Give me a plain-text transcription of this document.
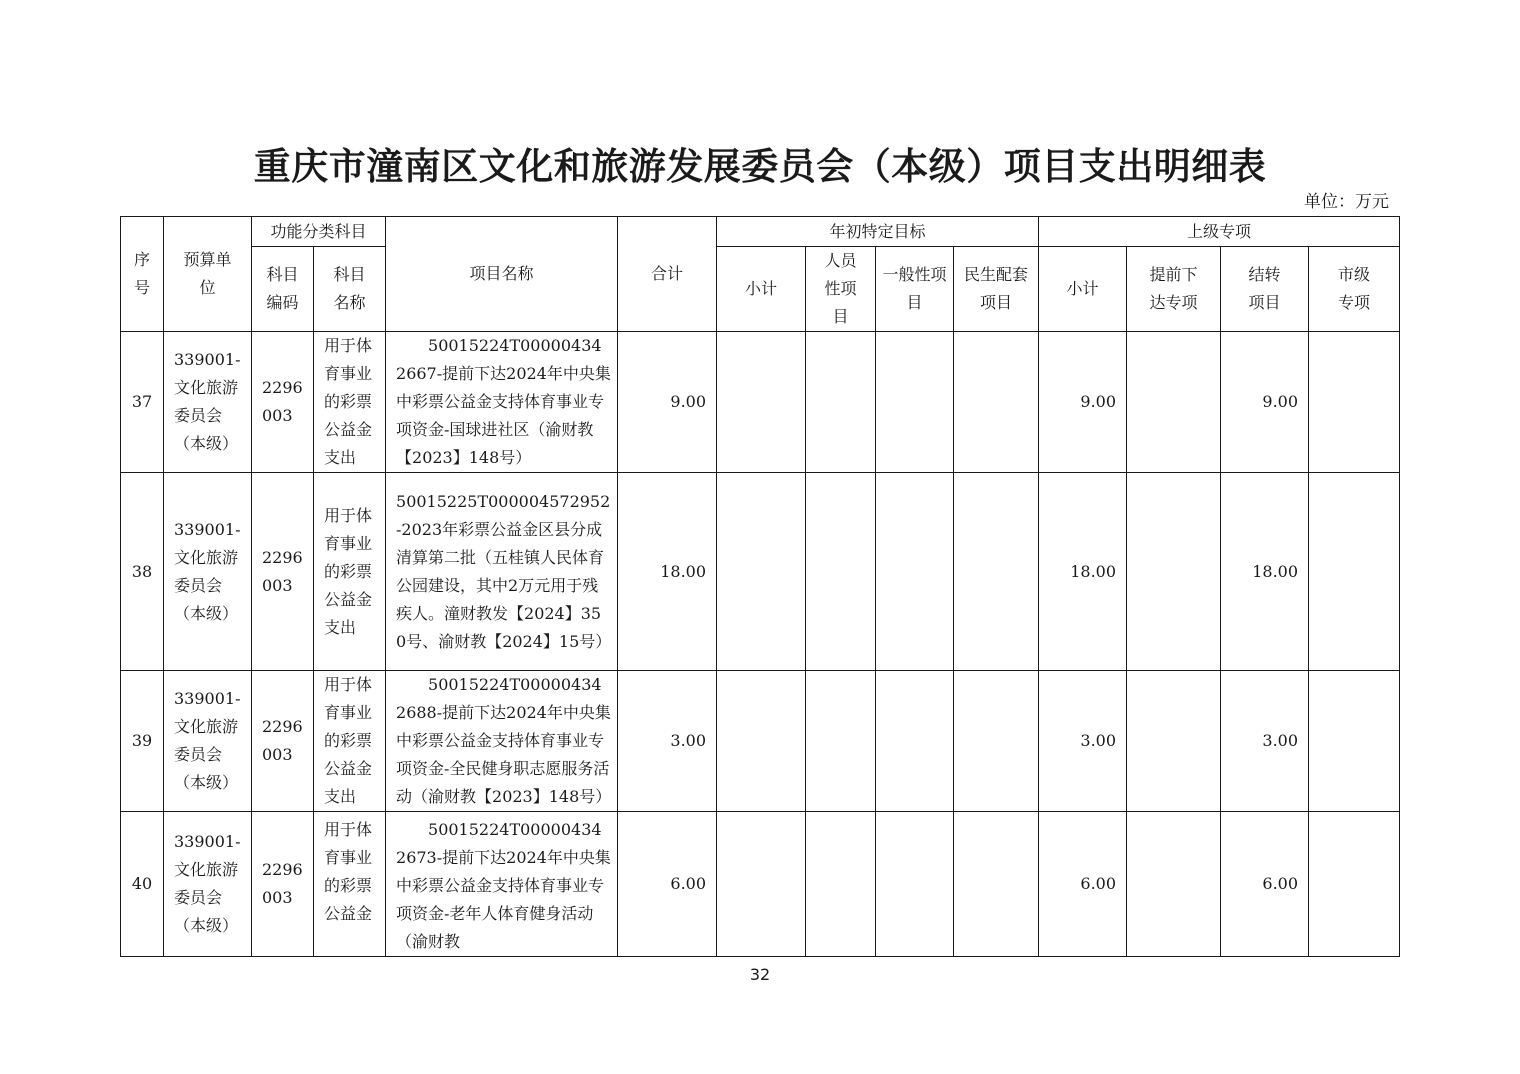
重庆市潼南区文化和旅游发展委员会（本级）项目支出明细表
单位：万元
序号	预算单位	功能分类科目		项目名称	合计	年初特定目标				上级专项			
		科目编码	科目名称			小计	人员性项目	一般性项目	民生配套项目	小计	提前下达专项	结转项目	市级专项
37	339001-文化旅游委员会（本级）	2296003	用于体育事业的彩票公益金支出	50015224T000004342667-提前下达2024年中央集中彩票公益金支持体育事业专项资金-国球进社区（渝财教【2023】148号）	9.00					9.00		9.00	
38	339001-文化旅游委员会（本级）	2296003	用于体育事业的彩票公益金支出	50015225T000004572952-2023年彩票公益金区县分成清算第二批（五桂镇人民体育公园建设，其中2万元用于残疾人。潼财教发【2024】350号、渝财教【2024】15号）	18.00					18.00		18.00	
39	339001-文化旅游委员会（本级）	2296003	用于体育事业的彩票公益金支出	50015224T000004342688-提前下达2024年中央集中彩票公益金支持体育事业专项资金-全民健身职志愿服务活动（渝财教【2023】148号）	3.00					3.00		3.00	
40	339001-文化旅游委员会（本级）	2296003	用于体育事业的彩票公益金	50015224T000004342673-提前下达2024年中央集中彩票公益金支持体育事业专项资金-老年人体育健身活动（渝财教	6.00					6.00		6.00	
32
